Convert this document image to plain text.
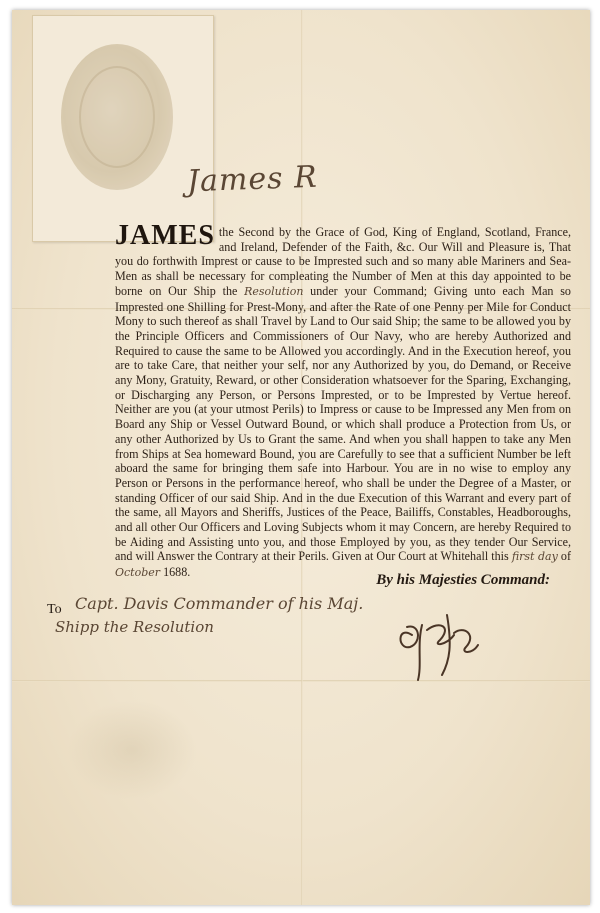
James R
JAMES the Second by the Grace of God, King of England, Scotland, France, and Ireland, Defender of the Faith, &c. Our Will and Pleasure is, That you do forthwith Imprest or cause to be Imprested such and so many able Mariners and Sea-Men as shall be necessary for compleating the Number of Men at this day appointed to be borne on Our Ship the Resolution under your Command; Giving unto each Man so Imprested one Shilling for Prest-Mony, and after the Rate of one Penny per Mile for Conduct Mony to such thereof as shall Travel by Land to Our said Ship; the same to be allowed you by the Principle Officers and Commissioners of Our Navy, who are hereby Authorized and Required to cause the same to be Allowed you accordingly. And in the Execution hereof, you are to take Care, that neither your self, nor any Authorized by you, do Demand, or Receive any Mony, Gratuity, Reward, or other Consideration whatsoever for the Sparing, Exchanging, or Discharging any Person, or Persons Imprested, or to be Imprested by Vertue hereof. Neither are you (at your utmost Perils) to Impress or cause to be Impressed any Men from on Board any Ship or Vessel Outward Bound, or which shall produce a Protection from Us, or any other Authorized by Us to Grant the same. And when you shall happen to take any Men from Ships at Sea homeward Bound, you are Carefully to see that a sufficient Number be left aboard the same for bringing them safe into Harbour. You are in no wise to employ any Person or Persons in the performance hereof, who shall be under the Degree of a Master, or standing Officer of our said Ship. And in the due Execution of this Warrant and every part of the same, all Mayors and Sheriffs, Justices of the Peace, Bailiffs, Constables, Headboroughs, and all other Our Officers and Loving Subjects whom it may Concern, are hereby Required to be Aiding and Assisting unto you, and those Employed by you, as they tender Our Service, and will Answer the Contrary at their Perils. Given at Our Court at Whitehall this first day of October 1688.	By his Majesties Command:
To Capt. Davis Commander of his Maj.
Shipp the Resolution
